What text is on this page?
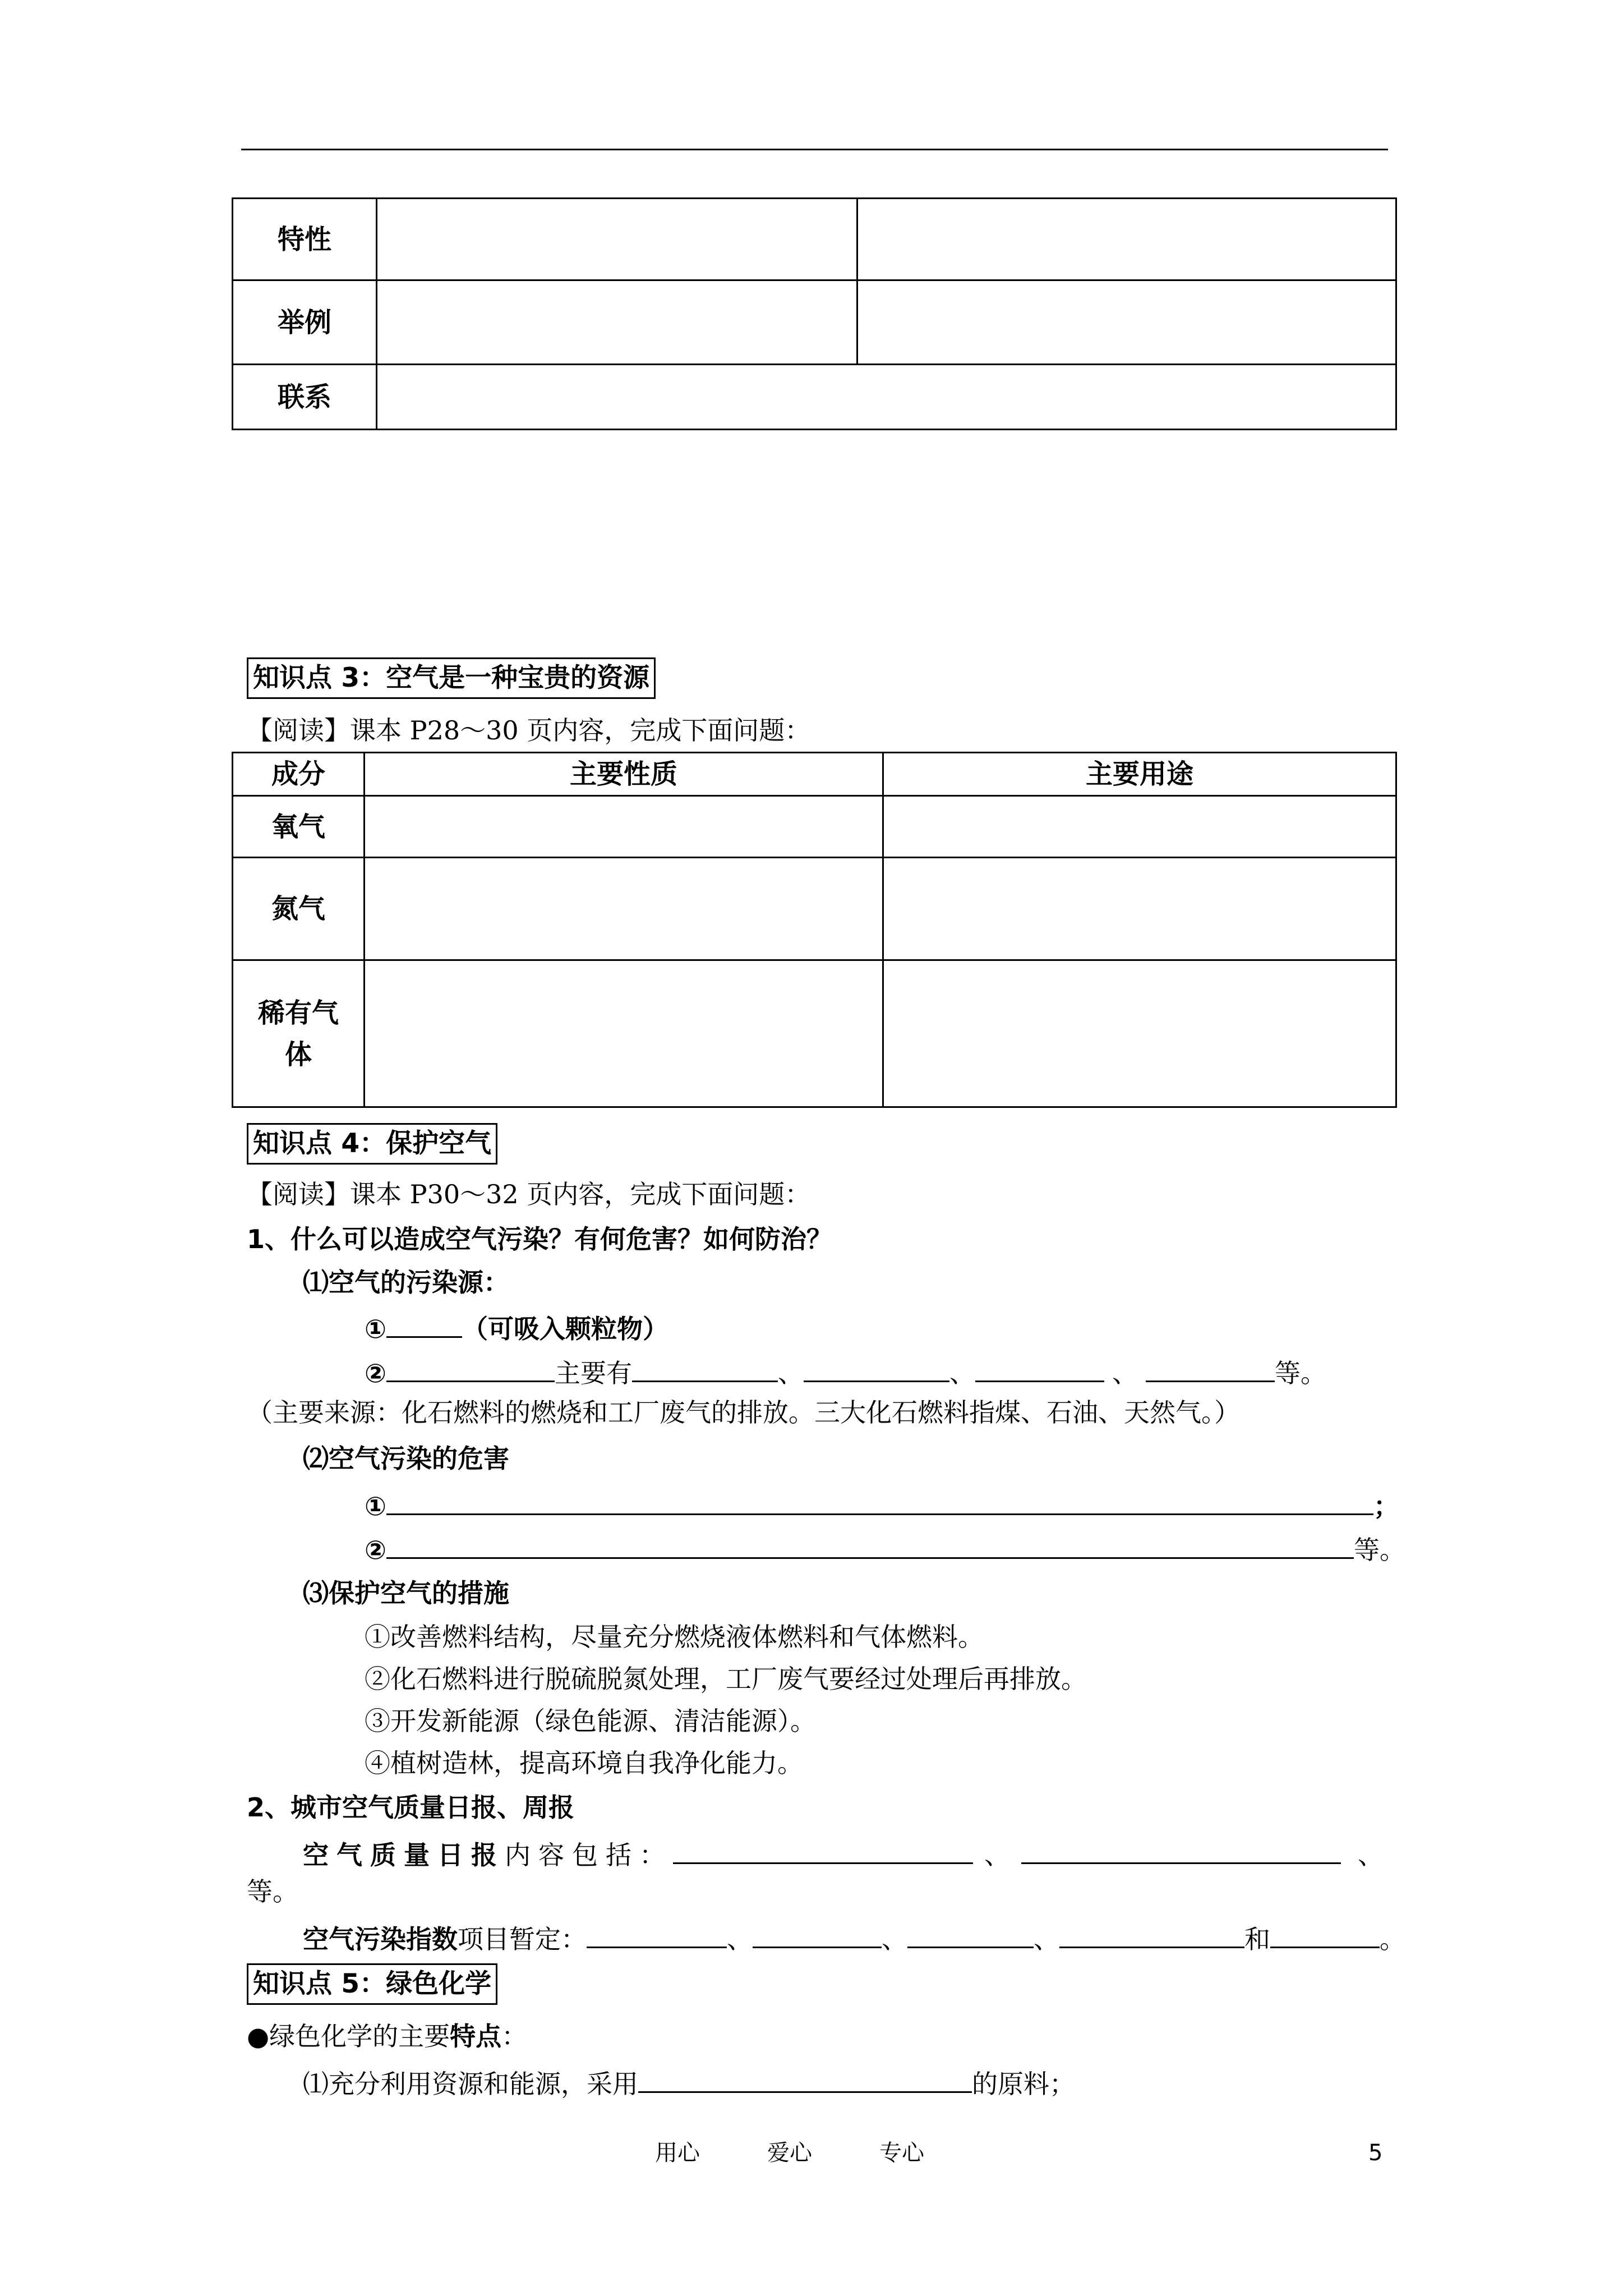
特性		
举例		
联系		
知识点 3：空气是一种宝贵的资源
【阅读】课本 P28～30 页内容，完成下面问题：
成分	主要性质	主要用途
氧气		
氮气		
稀有气体		
知识点 4：保护空气
【阅读】课本 P30～32 页内容，完成下面问题：
1、什么可以造成空气污染？有何危害？如何防治？
⑴空气的污染源：
①	（可吸入颗粒物）
②	主要有	、	、	、	等。
（主要来源：化石燃料的燃烧和工厂废气的排放。三大化石燃料指煤、石油、天然气。）
⑵空气污染的危害
①	；
②	等。
⑶保护空气的措施
①改善燃料结构，尽量充分燃烧液体燃料和气体燃料。
②化石燃料进行脱硫脱氮处理，工厂废气要经过处理后再排放。
③开发新能源（绿色能源、清洁能源）。
④植树造林，提高环境自我净化能力。
2、城市空气质量日报、周报
空气质量日报内容包括：	、	、
等。
空气污染指数项目暂定：	、	、	、	和	。
知识点 5：绿色化学
●绿色化学的主要特点：
⑴充分利用资源和能源，采用	的原料；
用心	爱心	专心	5
